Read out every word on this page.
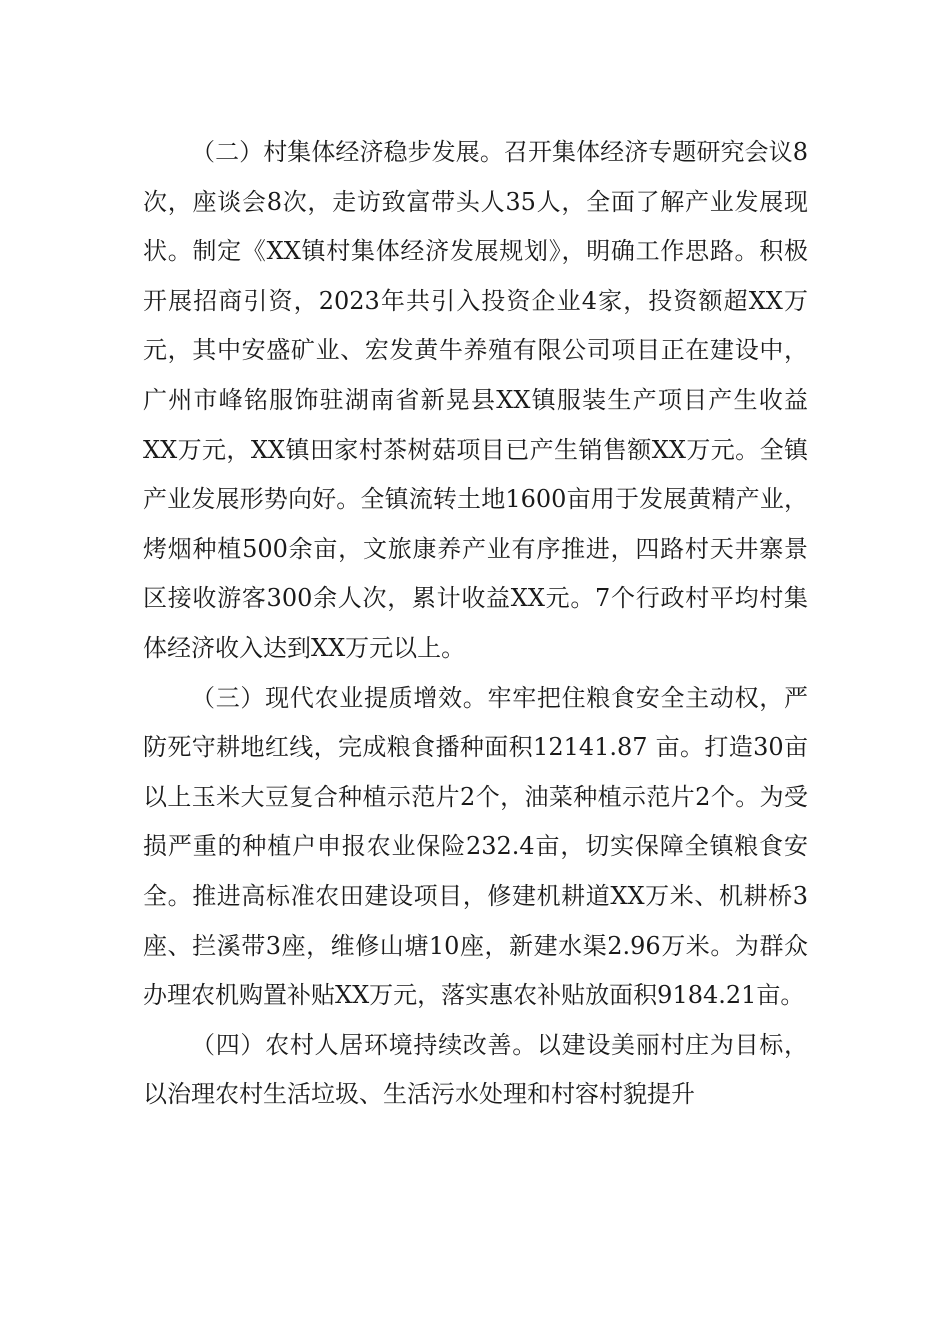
（二）村集体经济稳步发展。召开集体经济专题研究会议8次，座谈会8次，走访致富带头人35人，全面了解产业发展现状。制定《XX镇村集体经济发展规划》，明确工作思路。积极开展招商引资，2023年共引入投资企业4家，投资额超XX万元，其中安盛矿业、宏发黄牛养殖有限公司项目正在建设中，广州市峰铭服饰驻湖南省新晃县XX镇服装生产项目产生收益XX万元，XX镇田家村茶树菇项目已产生销售额XX万元。全镇产业发展形势向好。全镇流转土地1600亩用于发展黄精产业，烤烟种植500余亩，文旅康养产业有序推进，四路村天井寨景区接收游客300余人次，累计收益XX元。7个行政村平均村集体经济收入达到XX万元以上。

（三）现代农业提质增效。牢牢把住粮食安全主动权，严防死守耕地红线，完成粮食播种面积12141.87 亩。打造30亩以上玉米大豆复合种植示范片2个，油菜种植示范片2个。为受损严重的种植户申报农业保险232.4亩，切实保障全镇粮食安全。推进高标准农田建设项目，修建机耕道XX万米、机耕桥3座、拦溪带3座，维修山塘10座，新建水渠2.96万米。为群众办理农机购置补贴XX万元，落实惠农补贴放面积9184.21亩。

（四）农村人居环境持续改善。以建设美丽村庄为目标，以治理农村生活垃圾、生活污水处理和村容村貌提升
